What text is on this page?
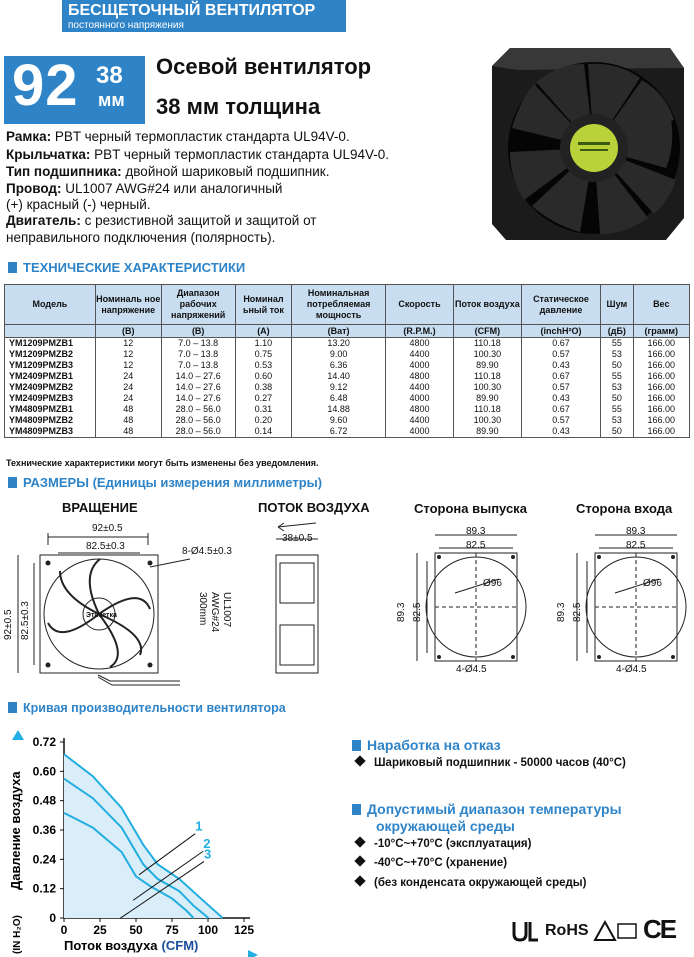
БЕСЩЕТОЧНЫЙ ВЕНТИЛЯТОР
постоянного напряжения
92 38
мм
Осевой вентилятор
38 мм толщина
Рамка: PBT черный термопластик стандарта UL94V-0.
Крыльчатка: PBT черный термопластик стандарта UL94V-0.
Тип подшипника: двойной шариковый подшипник.
Провод: UL1007 AWG#24 или аналогичный
(+) красный (-) черный.
Двигатель: с резистивной защитой и защитой от
неправильного подключения (полярность).
ТЕХНИЧЕСКИЕ ХАРАКТЕРИСТИКИ
Модель	Номиналь ное напряжение	Диапазон рабочих напряжений	Номинал ьный ток	Номинальная потребляемая мощность	Скорость	Поток воздуха	Статическое давление	Шум	Вес
	(В)	(В)	(А)	(Ват)	(R.P.M.)	(CFM)	(inchH²O)	(дБ)	(грамм)
YM1209PMZB1	12	7.0 – 13.8	1.10	13.20	4800	110.18	0.67	55	166.00
YM1209PMZB2	12	7.0 – 13.8	0.75	9.00	4400	100.30	0.57	53	166.00
YM1209PMZB3	12	7.0 – 13.8	0.53	6.36	4000	89.90	0.43	50	166.00
YM2409PMZB1	24	14.0 – 27.6	0.60	14.40	4800	110.18	0.67	55	166.00
YM2409PMZB2	24	14.0 – 27.6	0.38	9.12	4400	100.30	0.57	53	166.00
YM2409PMZB3	24	14.0 – 27.6	0.27	6.48	4000	89.90	0.43	50	166.00
YM4809PMZB1	48	28.0 – 56.0	0.31	14.88	4800	110.18	0.67	55	166.00
YM4809PMZB2	48	28.0 – 56.0	0.20	9.60	4400	100.30	0.57	53	166.00
YM4809PMZB3	48	28.0 – 56.0	0.14	6.72	4000	89.90	0.43	50	166.00
Технические характеристики могут быть изменены без уведомления.
РАЗМЕРЫ (Единицы измерения миллиметры)
ВРАЩЕНИЕ	ПОТОК ВОЗДУХА	Сторона выпуска	Сторона входа
92±0.5
82.5±0.3	8-Ø4.5±0.3
92±0.5 82.5±0.3	Этикетка	UL1007
AWG#24
300mm
38±0.5
89.3
82.5
Ø96
89.3 82.5
4-Ø4.5
89.3
82.5
Ø96
89.3 82.5
4-Ø4.5
Кривая производительности вентилятора
0
0.12
0.24
0.36
0.48
0.60
0.72
0 25 50 75 100 125
1
2
3
Поток воздуха (CFM)
Давление воздуха
(IN H₂O)
Наработка на отказ
Шариковый подшипник - 50000 часов (40°C)
Допустимый диапазон температуры
окружающей среды
-10°C~+70°C (эксплуатация)
-40°C~+70°C (хранение)
(без конденсата окружающей среды)
RoHS CE
